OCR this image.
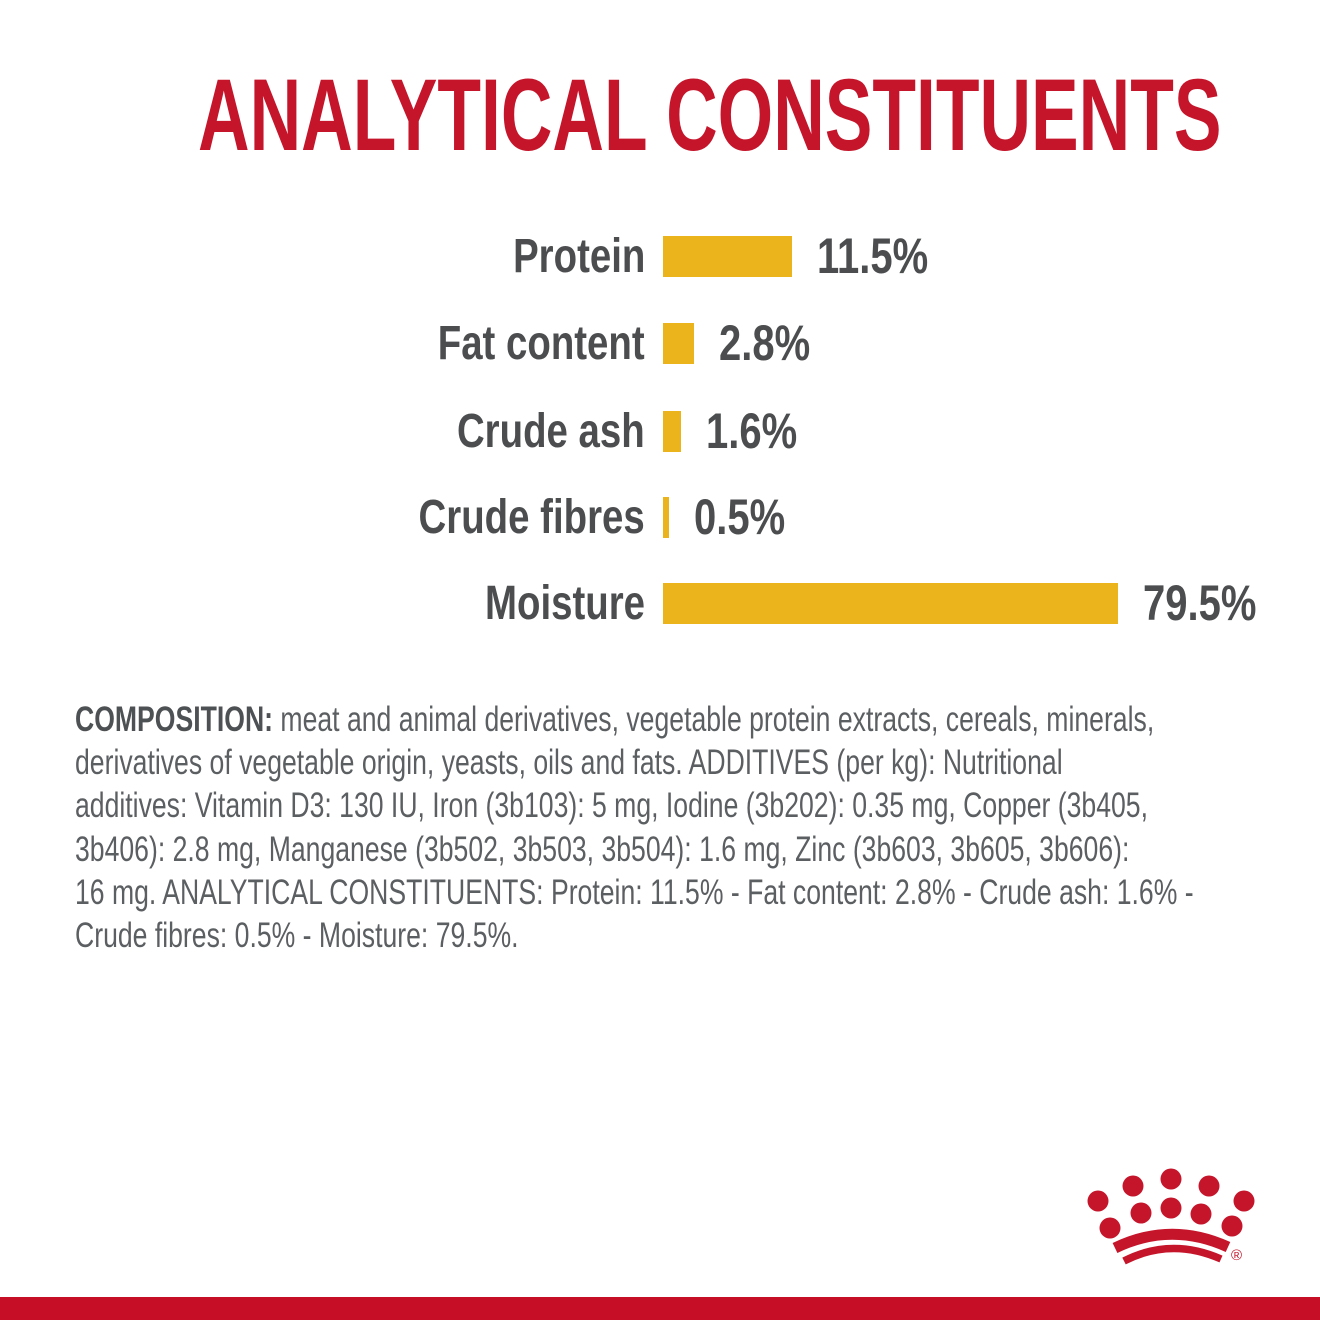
ANALYTICAL CONSTITUENTS
Protein	11.5%
Fat content 2.8%
Crude ash 1.6%
Crude fibres 0.5%
Moisture	79.5%
COMPOSITION: meat and animal derivatives, vegetable protein extracts, cereals, minerals,
derivatives of vegetable origin, yeasts, oils and fats. ADDITIVES (per kg): Nutritional
additives: Vitamin D3: 130 IU, Iron (3b103): 5 mg, Iodine (3b202): 0.35 mg, Copper (3b405,
3b406): 2.8 mg, Manganese (3b502, 3b503, 3b504): 1.6 mg, Zinc (3b603, 3b605, 3b606):
16 mg. ANALYTICAL CONSTITUENTS: Protein: 11.5% - Fat content: 2.8% - Crude ash: 1.6% -
Crude fibres: 0.5% - Moisture: 79.5%.
®
